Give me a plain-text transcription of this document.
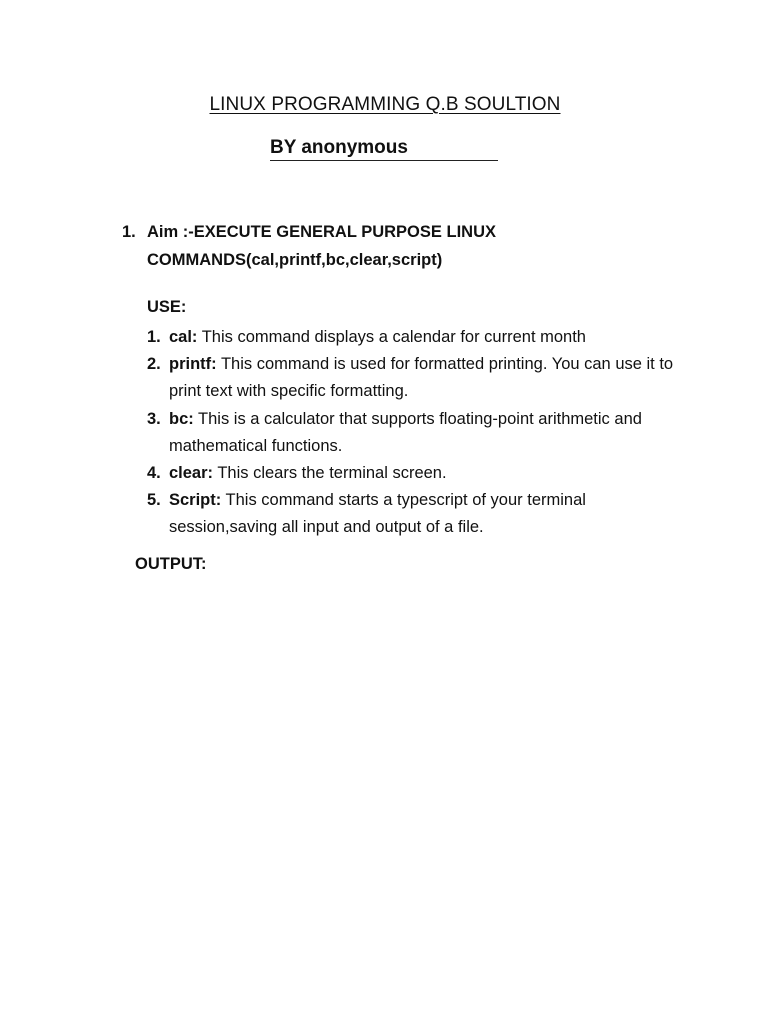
LINUX PROGRAMMING Q.B SOULTION
BY anonymous
1. Aim :-EXECUTE GENERAL PURPOSE LINUX COMMANDS(cal,printf,bc,clear,script)
USE:
1. cal: This command displays a calendar for current month
2. printf: This command is used for formatted printing. You can use it to print text with specific formatting.
3. bc: This is a calculator that supports floating-point arithmetic and mathematical functions.
4. clear: This clears the terminal screen.
5. Script: This command starts a typescript of your terminal session,saving all input and output of a file.
OUTPUT:
